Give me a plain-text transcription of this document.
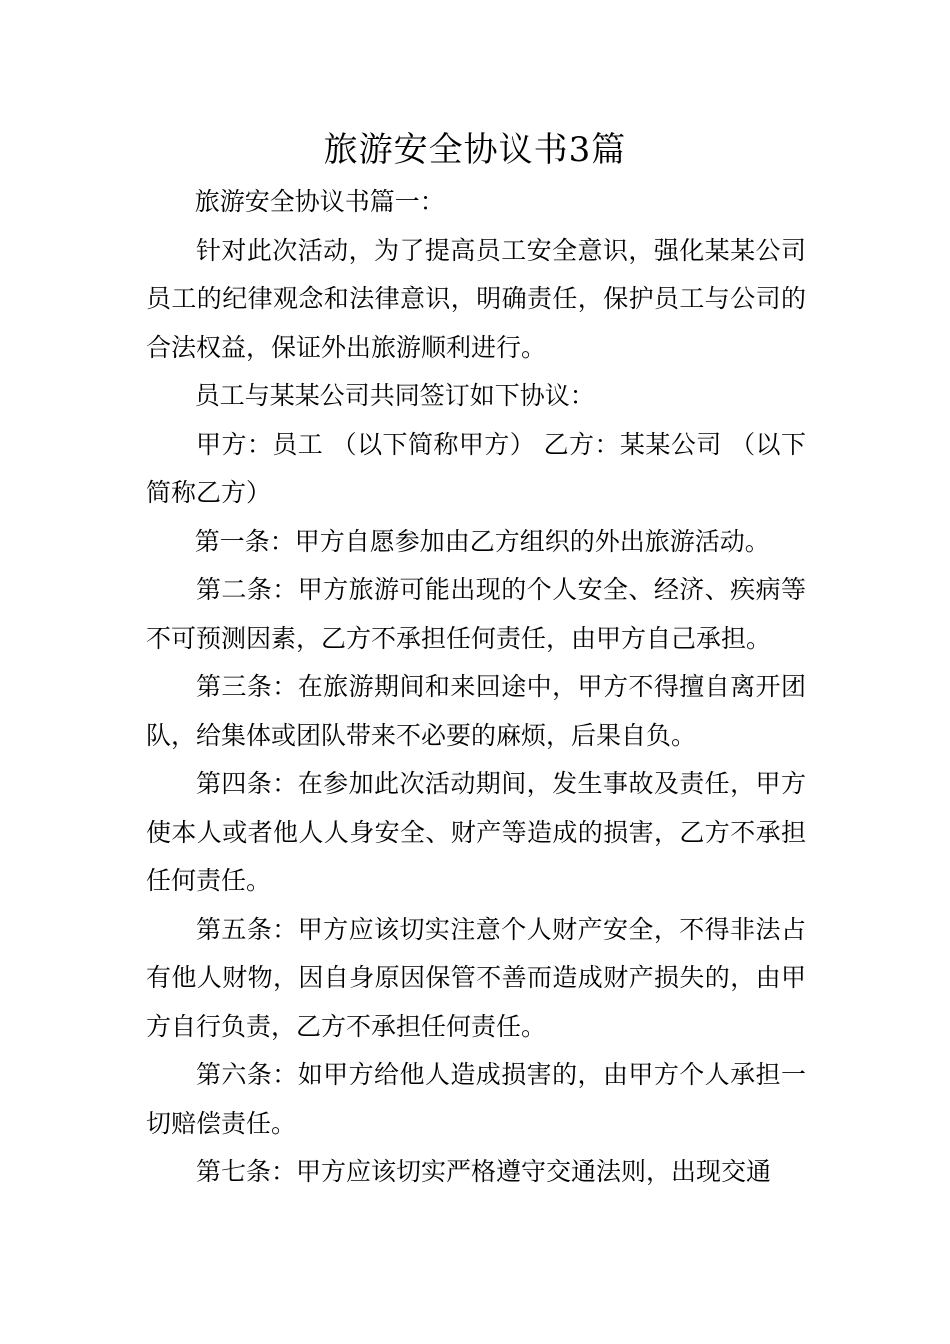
旅游安全协议书3篇

旅游安全协议书篇一：

针对此次活动，为了提高员工安全意识，强化某某公司员工的纪律观念和法律意识，明确责任，保护员工与公司的合法权益，保证外出旅游顺利进行。

员工与某某公司共同签订如下协议：

甲方：员工 （以下简称甲方） 乙方：某某公司 （以下简称乙方）

第一条：甲方自愿参加由乙方组织的外出旅游活动。

第二条：甲方旅游可能出现的个人安全、经济、疾病等不可预测因素，乙方不承担任何责任，由甲方自己承担。

第三条：在旅游期间和来回途中，甲方不得擅自离开团队，给集体或团队带来不必要的麻烦，后果自负。

第四条：在参加此次活动期间，发生事故及责任，甲方使本人或者他人人身安全、财产等造成的损害，乙方不承担任何责任。

第五条：甲方应该切实注意个人财产安全，不得非法占有他人财物，因自身原因保管不善而造成财产损失的，由甲方自行负责，乙方不承担任何责任。

第六条：如甲方给他人造成损害的，由甲方个人承担一切赔偿责任。

第七条：甲方应该切实严格遵守交通法则，出现交通
